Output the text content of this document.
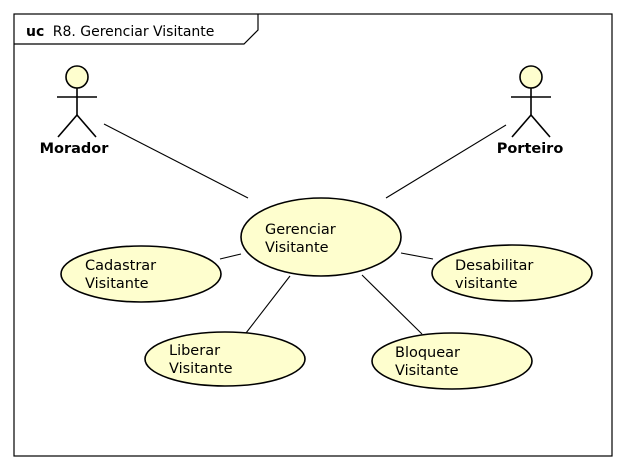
uc R8. Gerenciar Visitante
Morador	Porteiro
Gerenciar Visitante
Cadastrar Visitante
Desabilitar visitante
Liberar Visitante
Bloquear Visitante
